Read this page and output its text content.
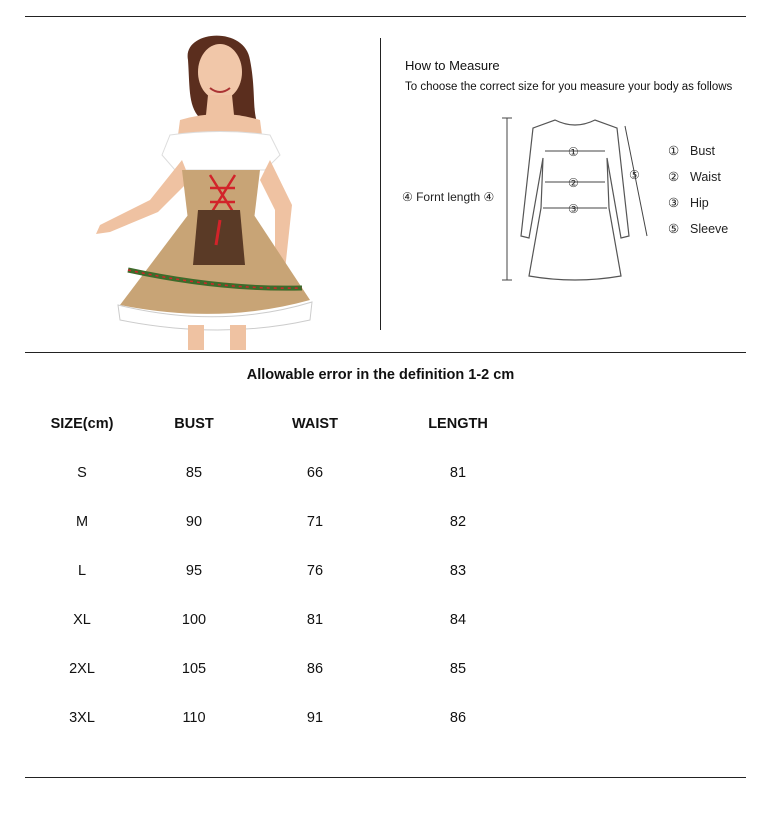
How to Measure
To choose the correct size for you measure your body as follows
①
②
③
⑤
④ Fornt length ④
① Bust
② Waist
③ Hip
⑤ Sleeve
Allowable error in the definition 1-2 cm
SIZE(cm)	BUST	WAIST	LENGTH
S	85	66	81
M	90	71	82
L	95	76	83
XL	100	81	84
2XL	105	86	85
3XL	110	91	86
